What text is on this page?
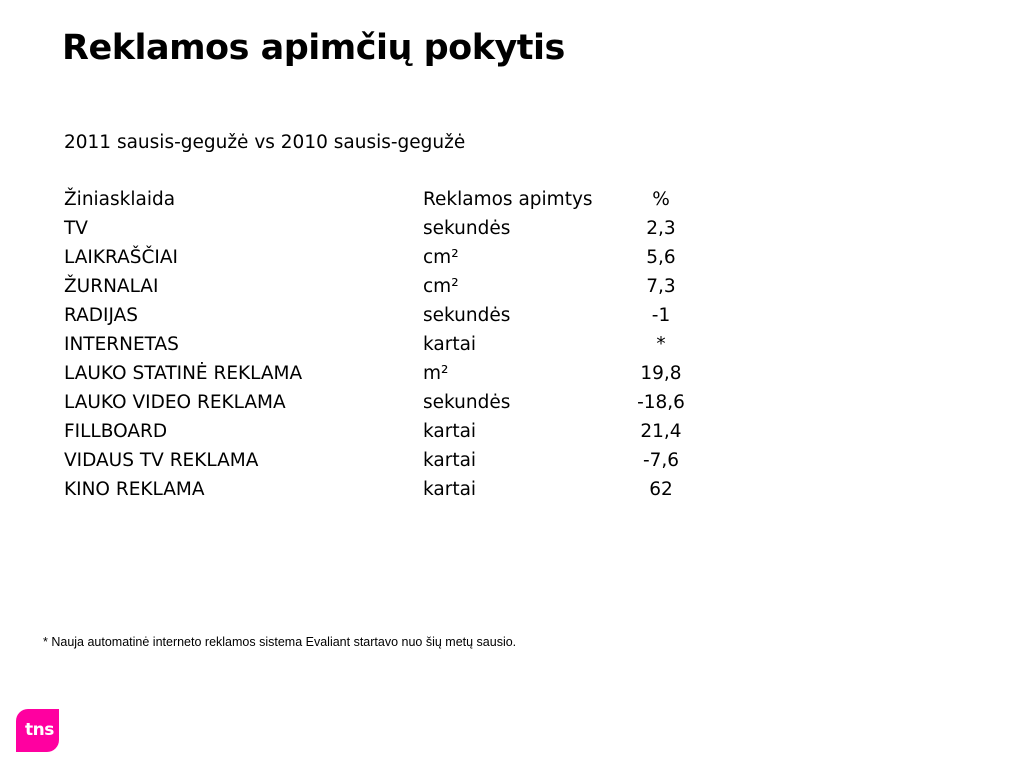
Reklamos apimčių pokytis
2011 sausis-gegužė vs 2010 sausis-gegužė
Žiniasklaida	Reklamos apimtys	%
TV	sekundės	2,3
LAIKRAŠČIAI	cm²	5,6
ŽURNALAI	cm²	7,3
RADIJAS	sekundės	-1
INTERNETAS	kartai	*
LAUKO STATINĖ REKLAMA	m²	19,8
LAUKO VIDEO REKLAMA	sekundės	-18,6
FILLBOARD	kartai	21,4
VIDAUS TV REKLAMA	kartai	-7,6
KINO REKLAMA	kartai	62
* Nauja automatinė interneto reklamos sistema Evaliant startavo nuo šių metų sausio.
tns
